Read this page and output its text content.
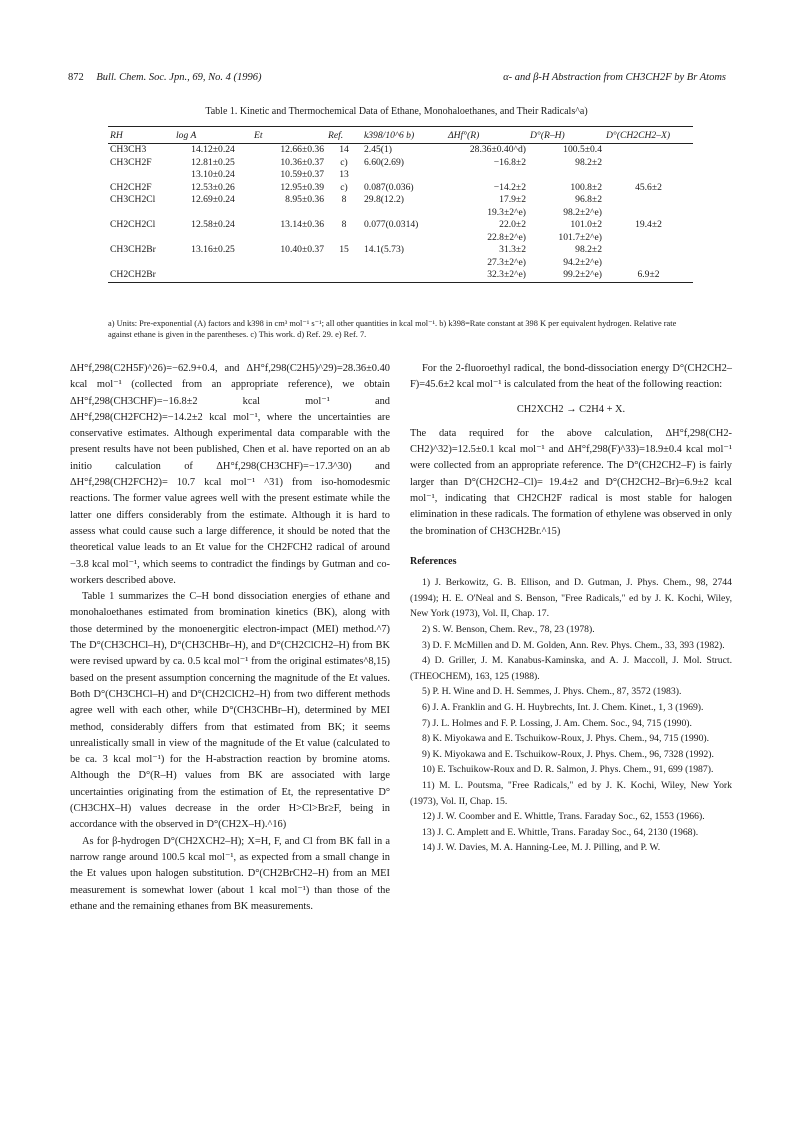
872 Bull. Chem. Soc. Jpn., 69, No. 4 (1996)	α- and β-H Abstraction from CH3CH2F by Br Atoms
Table 1. Kinetic and Thermochemical Data of Ethane, Monohaloethanes, and Their Radicals^a)
RH	log A	Et	Ref.	k398/10^6 b)	ΔHf°(R)	D°(R–H)	D°(CH2CH2–X)
CH3CH3	14.12±0.24	12.66±0.36	14	2.45(1)	28.36±0.40^d)	100.5±0.4	
CH3CH2F	12.81±0.25	10.36±0.37	c)	6.60(2.69)	−16.8±2	98.2±2	
	13.10±0.24	10.59±0.37	13				
CH2CH2F	12.53±0.26	12.95±0.39	c)	0.087(0.036)	−14.2±2	100.8±2	45.6±2
CH3CH2Cl	12.69±0.24	8.95±0.36	8	29.8(12.2)	17.9±2	96.8±2	
					19.3±2^e)	98.2±2^e)	
CH2CH2Cl	12.58±0.24	13.14±0.36	8	0.077(0.0314)	22.0±2	101.0±2	19.4±2
					22.8±2^e)	101.7±2^e)	
CH3CH2Br	13.16±0.25	10.40±0.37	15	14.1(5.73)	31.3±2	98.2±2	
					27.3±2^e)	94.2±2^e)	
CH2CH2Br					32.3±2^e)	99.2±2^e)	6.9±2
a) Units: Pre-exponential (A) factors and k398 in cm³ mol⁻¹ s⁻¹; all other quantities in kcal mol⁻¹. b) k398=Rate constant at 398 K per equivalent hydrogen. Relative rate against ethane is given in the parentheses. c) This work. d) Ref. 29. e) Ref. 7.

ΔH°f,298(C2H5F)^26)=−62.9+0.4, and ΔH°f,298(C2H5)^29)=28.36±0.40 kcal mol⁻¹ (collected from an appropriate reference), we obtain ΔH°f,298(CH3CHF)=−16.8±2 kcal mol⁻¹ and ΔH°f,298(CH2FCH2)=−14.2±2 kcal mol⁻¹, where the uncertainties are conservative estimates. Although experimental data comparable with the present results have not been published, Chen et al. have reported on an ab initio calculation of ΔH°f,298(CH3CHF)=−17.3^30) and ΔH°f,298(CH2FCH2)= 10.7 kcal mol⁻¹ ^31) from iso-homodesmic reactions. The former value agrees well with the present estimate while the latter one differs considerably from the estimate. Although it is hard to assess what could cause such a large difference, it should be noted that the theoretical value leads to an Et value for the CH2FCH2 radical of around −3.8 kcal mol⁻¹, which seems to contradict the findings by Gutman and co-workers described above.

Table 1 summarizes the C–H bond dissociation energies of ethane and monohaloethanes estimated from bromination kinetics (BK), along with those determined by the monoenergitic electron-impact (MEI) method.^7) The D°(CH3CHCl–H), D°(CH3CHBr–H), and D°(CH2ClCH2–H) from BK were revised upward by ca. 0.5 kcal mol⁻¹ from the original estimates^8,15) based on the present assumption concerning the magnitude of the Et values. Both D°(CH3CHCl–H) and D°(CH2ClCH2–H) from two different methods agree well with each other, while D°(CH3CHBr–H), determined by MEI method, considerably differs from that estimated from BK; it seems unrealistically small in view of the magnitude of the Et value (calculated to be ca. 3 kcal mol⁻¹) for the H-abstraction reaction by bromine atoms. Although the D°(R–H) values from BK are associated with large uncertainties originating from the estimation of Et, the representative D°(CH3CHX–H) values decrease in the order H>Cl>Br≥F, being in accordance with the observed in D°(CH2X–H).^16)

As for β-hydrogen D°(CH2XCH2–H); X=H, F, and Cl from BK fall in a narrow range around 100.5 kcal mol⁻¹, as expected from a small change in the Et values upon halogen substitution. D°(CH2BrCH2–H) from an MEI measurement is somewhat lower (about 1 kcal mol⁻¹) than those of the ethane and the remaining ethanes from BK measurements.

For the 2-fluoroethyl radical, the bond-dissociation energy D°(CH2CH2–F)=45.6±2 kcal mol⁻¹ is calculated from the heat of the following reaction:

CH2XCH2 → C2H4 + X.

The data required for the above calculation, ΔH°f,298(CH2-CH2)^32)=12.5±0.1 kcal mol⁻¹ and ΔH°f,298(F)^33)=18.9±0.4 kcal mol⁻¹ were collected from an appropriate reference. The D°(CH2CH2–F) is fairly larger than D°(CH2CH2–Cl)= 19.4±2 and D°(CH2CH2–Br)=6.9±2 kcal mol⁻¹, indicating that CH2CH2F radical is most stable for halogen elimination in these radicals. The formation of ethylene was observed in only the bromination of CH3CH2Br.^15)

References
1) J. Berkowitz, G. B. Ellison, and D. Gutman, J. Phys. Chem., 98, 2744 (1994); H. E. O'Neal and S. Benson, "Free Radicals," ed by J. K. Kochi, Wiley, New York (1973), Vol. II, Chap. 17.
2) S. W. Benson, Chem. Rev., 78, 23 (1978).
3) D. F. McMillen and D. M. Golden, Ann. Rev. Phys. Chem., 33, 393 (1982).
4) D. Griller, J. M. Kanabus-Kaminska, and A. J. Maccoll, J. Mol. Struct. (THEOCHEM), 163, 125 (1988).
5) P. H. Wine and D. H. Semmes, J. Phys. Chem., 87, 3572 (1983).
6) J. A. Franklin and G. H. Huybrechts, Int. J. Chem. Kinet., 1, 3 (1969).
7) J. L. Holmes and F. P. Lossing, J. Am. Chem. Soc., 94, 715 (1990).
8) K. Miyokawa and E. Tschuikow-Roux, J. Phys. Chem., 94, 715 (1990).
9) K. Miyokawa and E. Tschuikow-Roux, J. Phys. Chem., 96, 7328 (1992).
10) E. Tschuikow-Roux and D. R. Salmon, J. Phys. Chem., 91, 699 (1987).
11) M. L. Poutsma, "Free Radicals," ed by J. K. Kochi, Wiley, New York (1973), Vol. II, Chap. 15.
12) J. W. Coomber and E. Whittle, Trans. Faraday Soc., 62, 1553 (1966).
13) J. C. Amplett and E. Whittle, Trans. Faraday Soc., 64, 2130 (1968).
14) J. W. Davies, M. A. Hanning-Lee, M. J. Pilling, and P. W.
